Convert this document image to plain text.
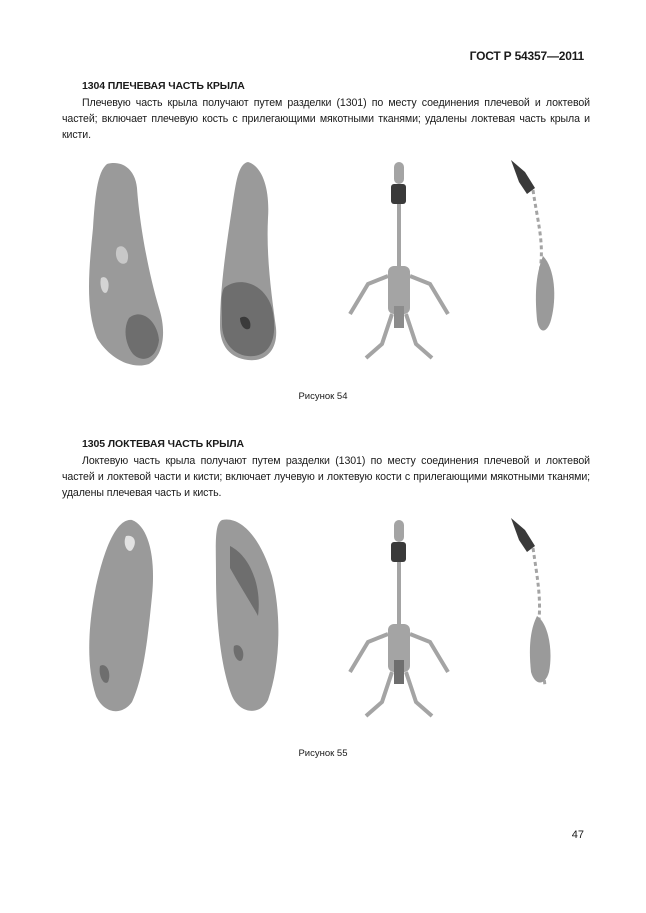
ГОСТ Р 54357—2011
1304 ПЛЕЧЕВАЯ ЧАСТЬ КРЫЛА

Плечевую часть крыла получают путем разделки (1301) по месту соединения плечевой и локтевой частей; включает плечевую кость с прилегающими мякотными тканями; удалены локтевая часть крыла и кисти.

Рисунок 54
1305 ЛОКТЕВАЯ ЧАСТЬ КРЫЛА

Локтевую часть крыла получают путем разделки (1301) по месту соединения плечевой и локтевой частей и локтевой части и кисти; включает лучевую и локтевую кости с прилегающими мякотными тканями; удалены плечевая часть и кисть.

Рисунок 55
47
